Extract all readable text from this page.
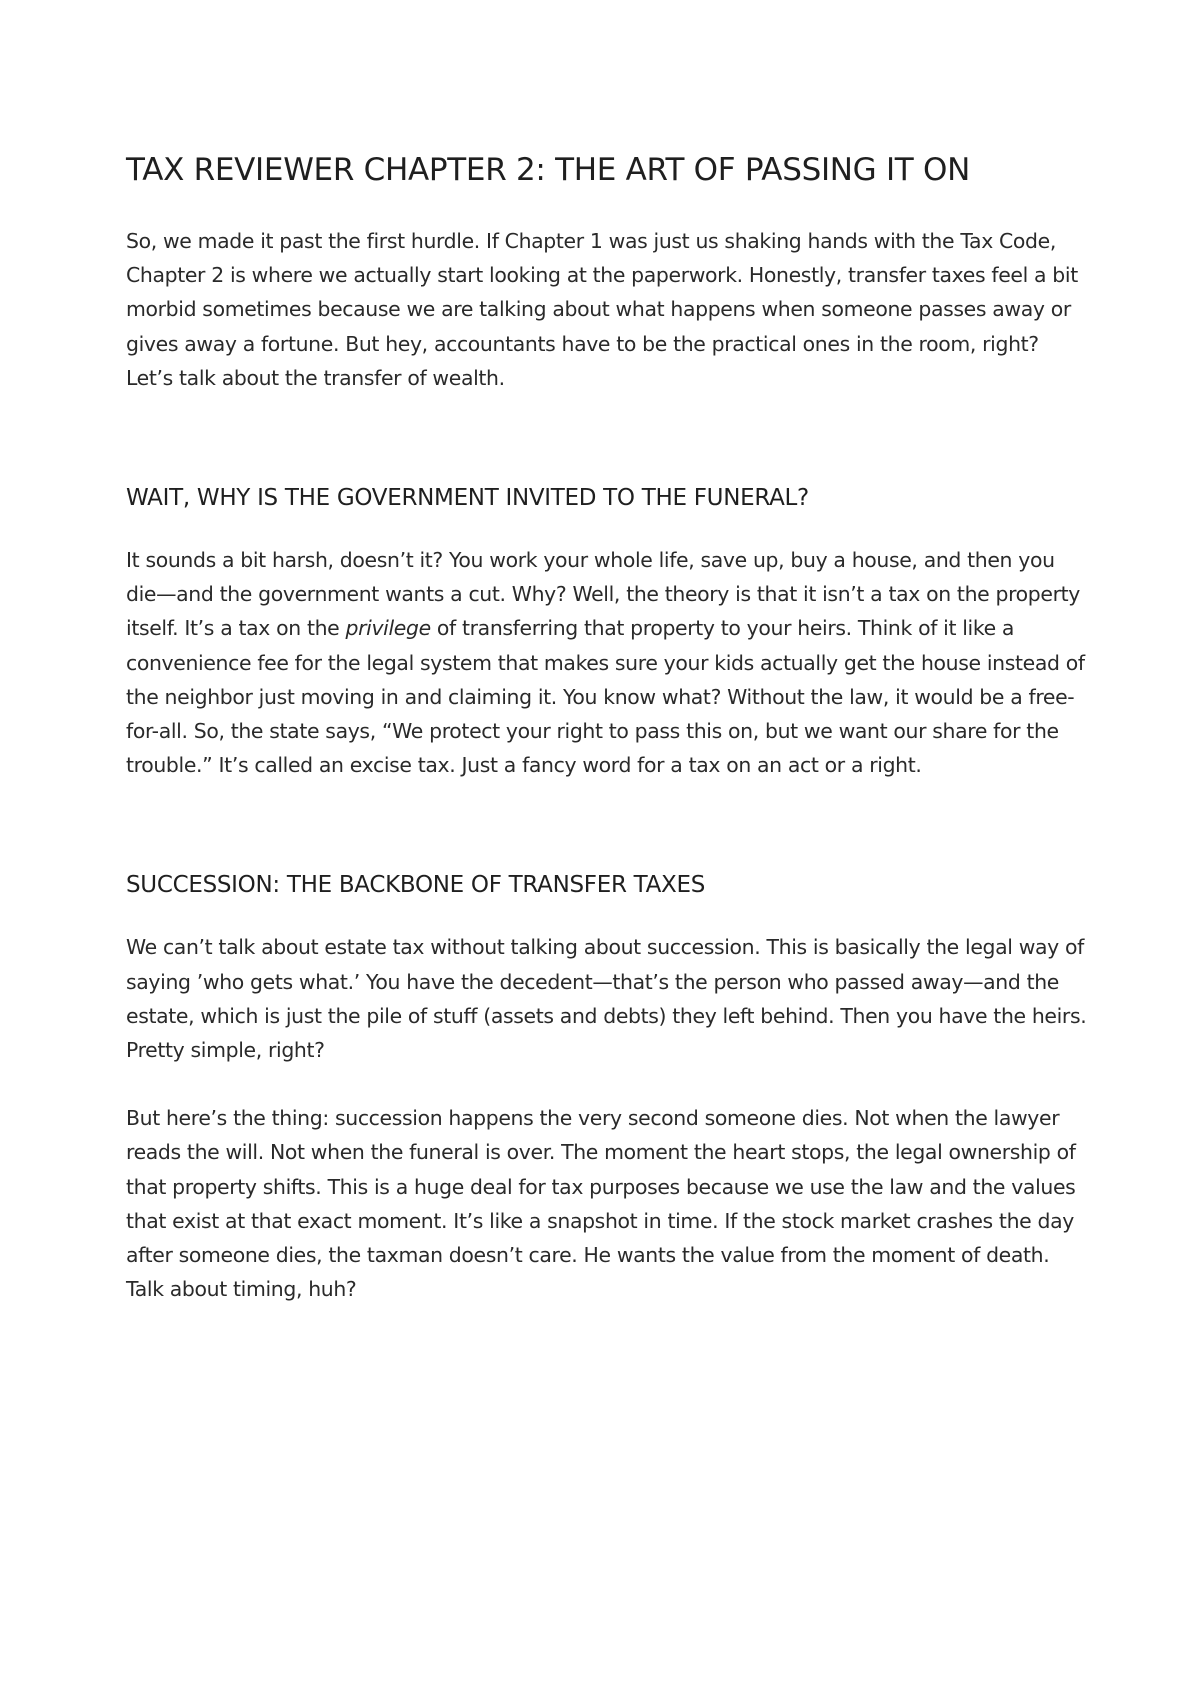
TAX REVIEWER CHAPTER 2: THE ART OF PASSING IT ON

So, we made it past the first hurdle. If Chapter 1 was just us shaking hands with the Tax Code, Chapter 2 is where we actually start looking at the paperwork. Honestly, transfer taxes feel a bit morbid sometimes because we are talking about what happens when someone passes away or gives away a fortune. But hey, accountants have to be the practical ones in the room, right? Let’s talk about the transfer of wealth.

WAIT, WHY IS THE GOVERNMENT INVITED TO THE FUNERAL?

It sounds a bit harsh, doesn’t it? You work your whole life, save up, buy a house, and then you die—and the government wants a cut. Why? Well, the theory is that it isn’t a tax on the property itself. It’s a tax on the privilege of transferring that property to your heirs. Think of it like a convenience fee for the legal system that makes sure your kids actually get the house instead of the neighbor just moving in and claiming it. You know what? Without the law, it would be a free-for-all. So, the state says, “We protect your right to pass this on, but we want our share for the trouble.” It’s called an excise tax. Just a fancy word for a tax on an act or a right.

SUCCESSION: THE BACKBONE OF TRANSFER TAXES

We can’t talk about estate tax without talking about succession. This is basically the legal way of saying ’who gets what.’ You have the decedent—that’s the person who passed away—and the estate, which is just the pile of stuff (assets and debts) they left behind. Then you have the heirs. Pretty simple, right?

But here’s the thing: succession happens the very second someone dies. Not when the lawyer reads the will. Not when the funeral is over. The moment the heart stops, the legal ownership of that property shifts. This is a huge deal for tax purposes because we use the law and the values that exist at that exact moment. It’s like a snapshot in time. If the stock market crashes the day after someone dies, the taxman doesn’t care. He wants the value from the moment of death. Talk about timing, huh?
